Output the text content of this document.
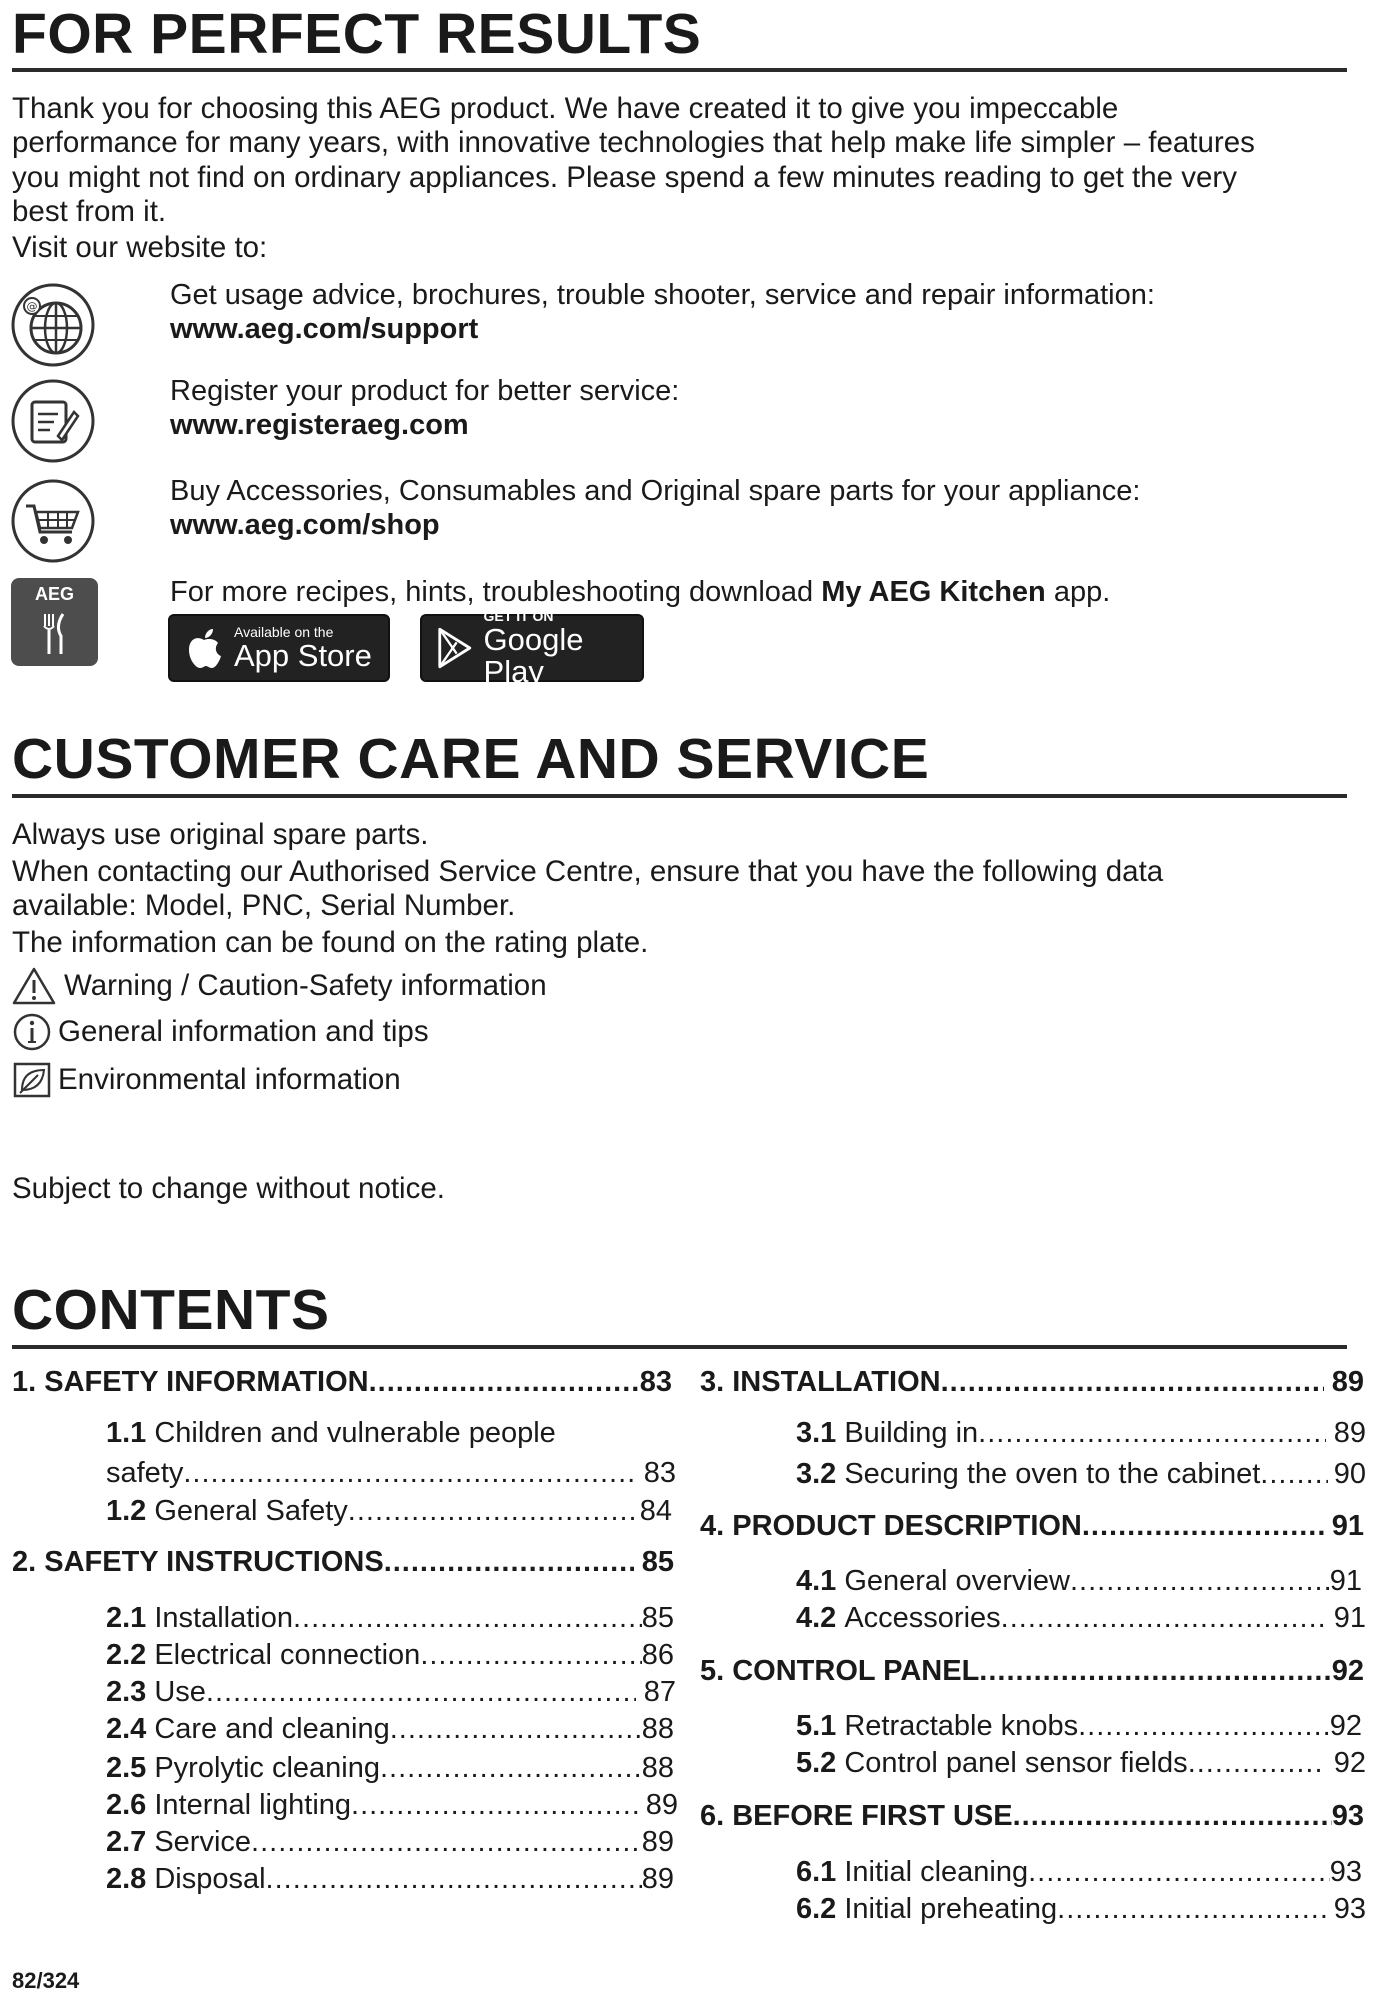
FOR PERFECT RESULTS
Thank you for choosing this AEG product. We have created it to give you impeccable
performance for many years, with innovative technologies that help make life simpler – features
you might not find on ordinary appliances. Please spend a few minutes reading to get the very
best from it.
Visit our website to:
@	Get usage advice, brochures, trouble shooter, service and repair information:
www.aeg.com/support
Register your product for better service:
www.registeraeg.com
Buy Accessories, Consumables and Original spare parts for your appliance:
www.aeg.com/shop
AEG	For more recipes, hints, troubleshooting download My AEG Kitchen app.
Available on the
App Store
GET IT ON
Google Play
CUSTOMER CARE AND SERVICE
Always use original spare parts.
When contacting our Authorised Service Centre, ensure that you have the following data
available: Model, PNC, Serial Number.
The information can be found on the rating plate.
Warning / Caution-Safety information
General information and tips
Environmental information
Subject to change without notice.
CONTENTS
1. SAFETY INFORMATION .....	83
1.1 Children and vulnerable people
safety .....	83
1.2 General Safety .....	84
2. SAFETY INSTRUCTIONS .....	85
2.1 Installation .....	85
2.2 Electrical connection .....	86
2.3 Use .....	87
2.4 Care and cleaning .....	88
2.5 Pyrolytic cleaning .....	88
2.6 Internal lighting .....	89
2.7 Service .....	89
2.8 Disposal .....	89
3. INSTALLATION .....	89
3.1 Building in .....	89
3.2 Securing the oven to the cabinet .....	90
4. PRODUCT DESCRIPTION .....	91
4.1 General overview .....	91
4.2 Accessories .....	91
5. CONTROL PANEL .....	92
5.1 Retractable knobs .....	92
5.2 Control panel sensor fields .....	92
6. BEFORE FIRST USE .....	93
6.1 Initial cleaning .....	93
6.2 Initial preheating .....	93
82/324
